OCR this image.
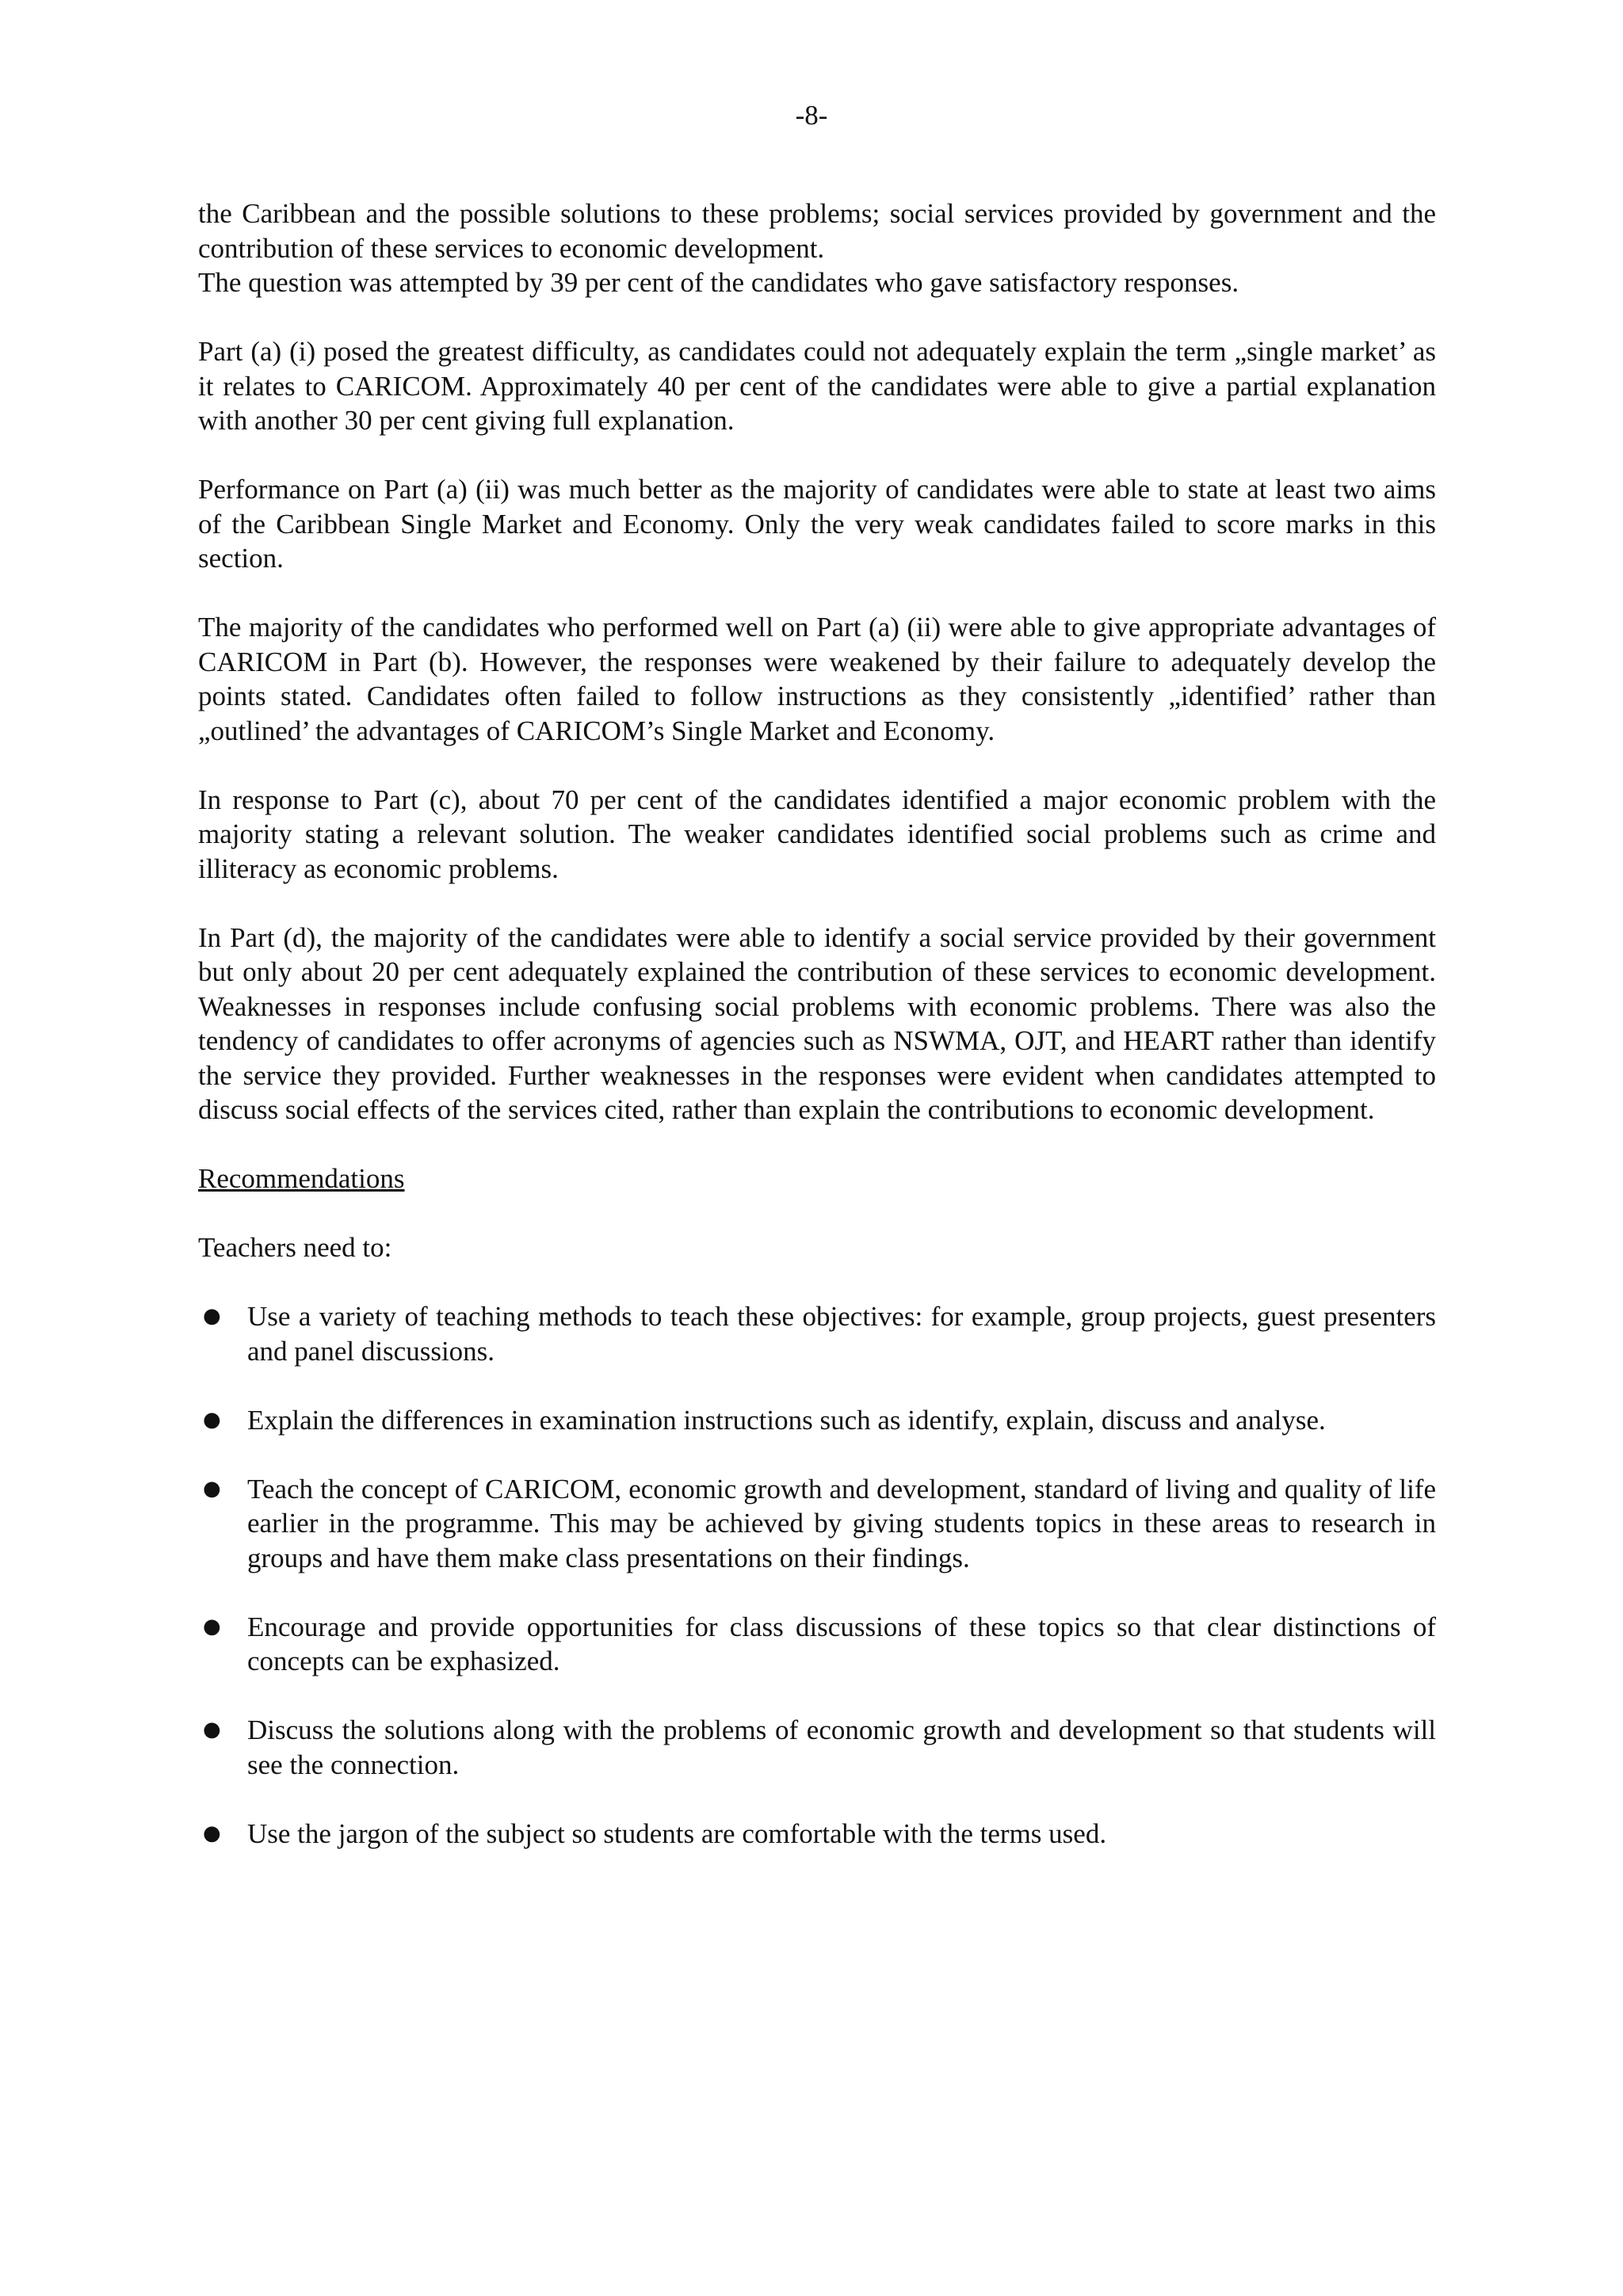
-8-

the Caribbean and the possible solutions to these problems; social services provided by government and the contribution of these services to economic development.

The question was attempted by 39 per cent of the candidates who gave satisfactory responses.

Part (a) (i) posed the greatest difficulty, as candidates could not adequately explain the term „single market’ as it relates to CARICOM. Approximately 40 per cent of the candidates were able to give a partial explanation with another 30 per cent giving full explanation.

Performance on Part (a) (ii) was much better as the majority of candidates were able to state at least two aims of the Caribbean Single Market and Economy. Only the very weak candidates failed to score marks in this section.

The majority of the candidates who performed well on Part (a) (ii) were able to give appropriate advantages of CARICOM in Part (b). However, the responses were weakened by their failure to adequately develop the points stated. Candidates often failed to follow instructions as they consistently „identified’ rather than „outlined’ the advantages of CARICOM’s Single Market and Economy.

In response to Part (c), about 70 per cent of the candidates identified a major economic problem with the majority stating a relevant solution. The weaker candidates identified social problems such as crime and illiteracy as economic problems.

In Part (d), the majority of the candidates were able to identify a social service provided by their government but only about 20 per cent adequately explained the contribution of these services to economic development. Weaknesses in responses include confusing social problems with economic problems. There was also the tendency of candidates to offer acronyms of agencies such as NSWMA, OJT, and HEART rather than identify the service they provided. Further weaknesses in the responses were evident when candidates attempted to discuss social effects of the services cited, rather than explain the contributions to economic development.

Recommendations

Teachers need to:

● Use a variety of teaching methods to teach these objectives: for example, group projects, guest presenters and panel discussions.
● Explain the differences in examination instructions such as identify, explain, discuss and analyse.
● Teach the concept of CARICOM, economic growth and development, standard of living and quality of life earlier in the programme. This may be achieved by giving students topics in these areas to research in groups and have them make class presentations on their findings.
● Encourage and provide opportunities for class discussions of these topics so that clear distinctions of concepts can be exphasized.
● Discuss the solutions along with the problems of economic growth and development so that students will see the connection.
● Use the jargon of the subject so students are comfortable with the terms used.
